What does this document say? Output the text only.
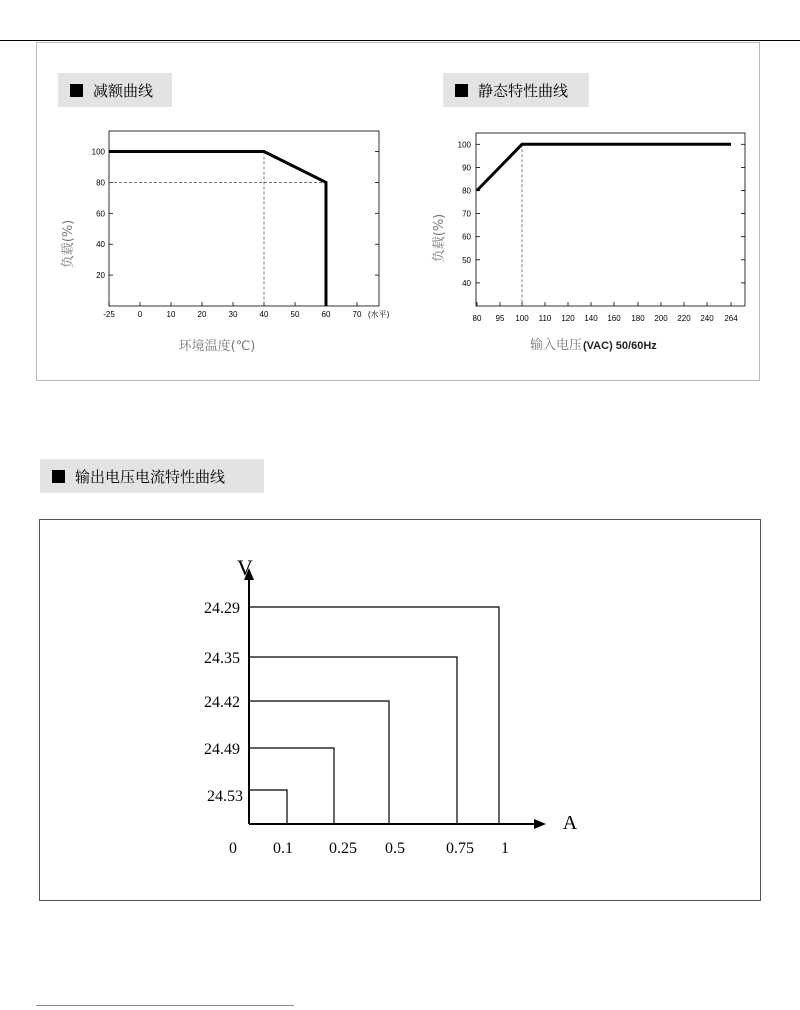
减额曲线	静态特性曲线
20
40
60
80
100
-25	0	10	20	30	40	50	60	70 (水平)
环境温度(℃)
负载(%)
40
50
60
70
80
90
100
80 95 100 110 120 140 160 180 200 220 240 264
输入电压 (VAC) 50/60Hz
负载(%)
输出电压电流特性曲线
V
A
24.29
24.35
24.42
24.49
24.53
0 0.1 0.25 0.5	0.75 1
